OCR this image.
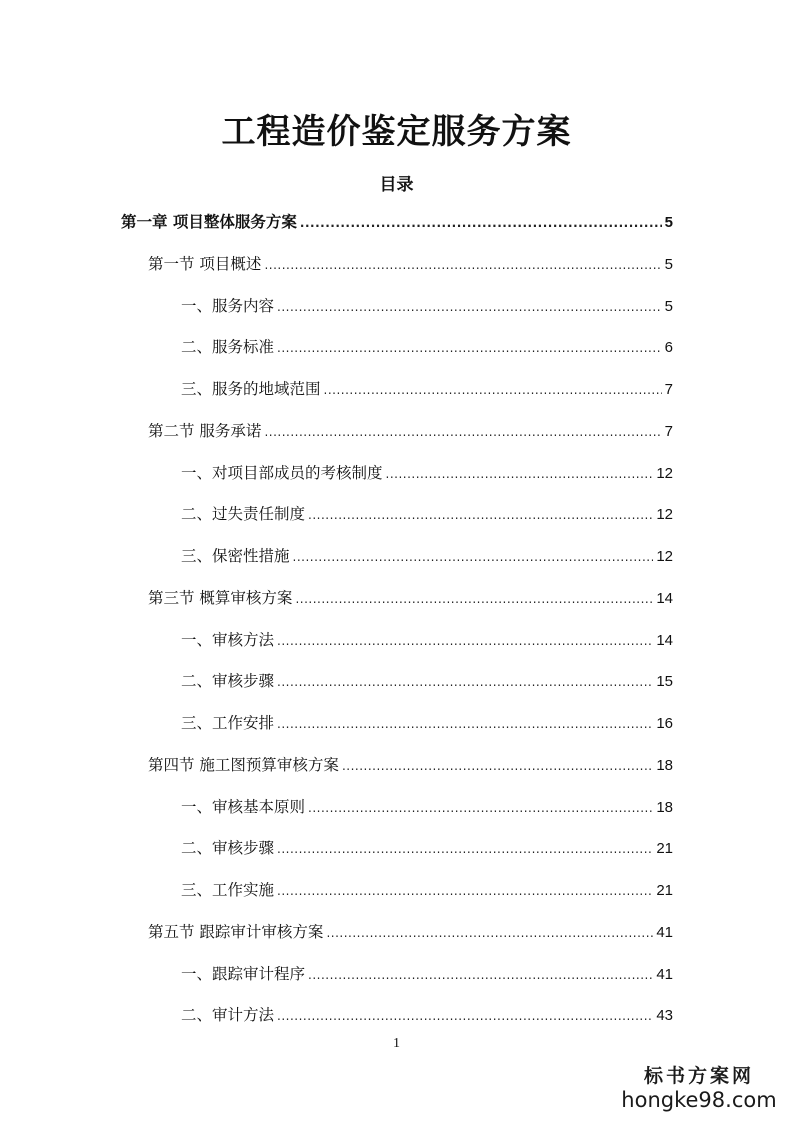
工程造价鉴定服务方案
目录
第一章 项目整体服务方案 .....	5
第一节 项目概述 .....	5
一、服务内容 .....	5
二、服务标准 .....	6
三、服务的地域范围 .....	7
第二节 服务承诺 .....	7
一、对项目部成员的考核制度 .....	12
二、过失责任制度 .....	12
三、保密性措施 .....	12
第三节 概算审核方案 .....	14
一、审核方法 .....	14
二、审核步骤 .....	15
三、工作安排 .....	16
第四节 施工图预算审核方案 .....	18
一、审核基本原则 .....	18
二、审核步骤 .....	21
三、工作实施 .....	21
第五节 跟踪审计审核方案 .....	41
一、跟踪审计程序 .....	41
二、审计方法 .....	43
1
标书方案网
hongke98.com
